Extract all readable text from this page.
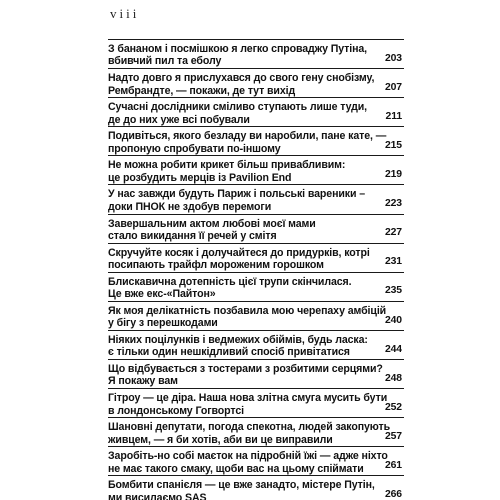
viii
З бананом і посмішкою я легко спроваджу Путіна,
вбивчий пил та еболу	203
Надто довго я прислухався до свого гену снобізму,
Рембрандте, — покажи, де тут вихід	207
Сучасні дослідники сміливо ступають лише туди,
де до них уже всі побували	211
Подивіться, якого безладу ви наробили, пане кате, —
пропоную спробувати по-іншому	215
Не можна робити крикет більш привабливим:
це розбудить мерців із Pavilion End	219
У нас завжди будуть Париж і польські вареники –
доки ПНОК не здобув перемоги	223
Завершальним актом любові моєї мами
стало викидання її речей у смітя	227
Скручуйте косяк і долучайтеся до придурків, котрі
посипають трайфл мороженим горошком	231
Блискавична дотепність цієї трупи скінчилася.
Це вже екс-«Пайтон»	235
Як моя делікатність позбавила мою черепаху амбіцій
у бігу з перешкодами	240
Ніяких поцілунків і ведмежих обіймів, будь ласка:
є тільки один нешкідливий спосіб привітатися	244
Що відбувається з тостерами з розбитими серцями?
Я покажу вам	248
Гітроу — це діра. Наша нова злітна смуга мусить бути
в лондонському Гогвортсі	252
Шановні депутати, погода спекотна, людей закопують
живцем, — я би хотів, аби ви це виправили	257
Заробіть-но собі маєток на підробній їжі — адже ніхто
не має такого смаку, щоби вас на цьому спіймати	261
Бомбити спанієля — це вже занадто, містере Путін,
ми висилаємо SAS	266
